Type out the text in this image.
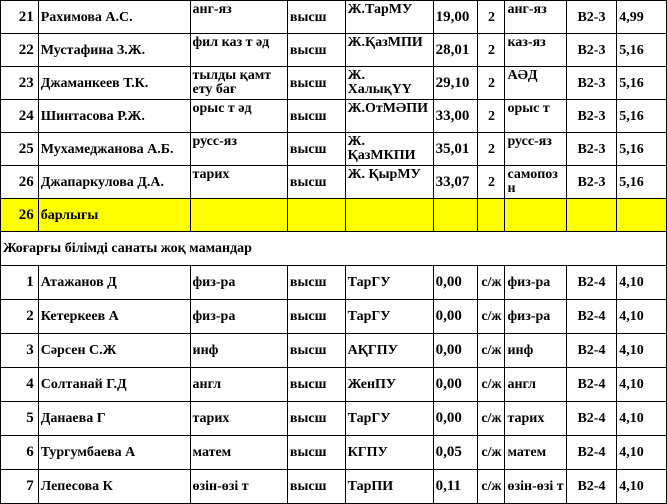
21	Рахимова А.С.	анг-яз	высш	Ж.ТарМУ	19,00	2	анг-яз	B2-3	4,99
22	Мустафина З.Ж.	фил каз т әд	высш	Ж.ҚазМПИ	28,01	2	каз-яз	B2-3	5,16
23	Джаманкеев Т.К.	тылды қамт ету бағ	высш	Ж. ХалықҮҮ	29,10	2	АӘД	B2-3	5,16
24	Шинтасова Р.Ж.	орыс т әд	высш	Ж.ОтМӘПИ	33,00	2	орыс т	B2-3	5,16
25	Мухамеджанова А.Б.	русс-яз	высш	Ж. ҚазМКПИ	35,01	2	русс-яз	B2-3	5,16
26	Джапаркулова Д.А.	тарих	высш	Ж. ҚырМУ	33,07	2	самопоз н	B2-3	5,16
26	барлығы								
Жоғарғы білімді санаты жоқ мамандар									
1	Атажанов Д	физ-ра	высш	ТарГУ	0,00	с/ж	физ-ра	B2-4	4,10
2	Кетеркеев А	физ-ра	высш	ТарГУ	0,00	с/ж	физ-ра	B2-4	4,10
3	Сәрсен С.Ж	инф	высш	АҚГПУ	0,00	с/ж	инф	B2-4	4,10
4	Солтанай Г.Д	англ	высш	ЖенПУ	0,00	с/ж	англ	B2-4	4,10
5	Данаева Г	тарих	высш	ТарГУ	0,00	с/ж	тарих	B2-4	4,10
6	Тургумбаева А	матем	высш	КГПУ	0,05	с/ж	матем	B2-4	4,10
7	Лепесова К	өзін-өзі т	высш	ТарПИ	0,11	с/ж	өзін-өзі т	B2-4	4,10
